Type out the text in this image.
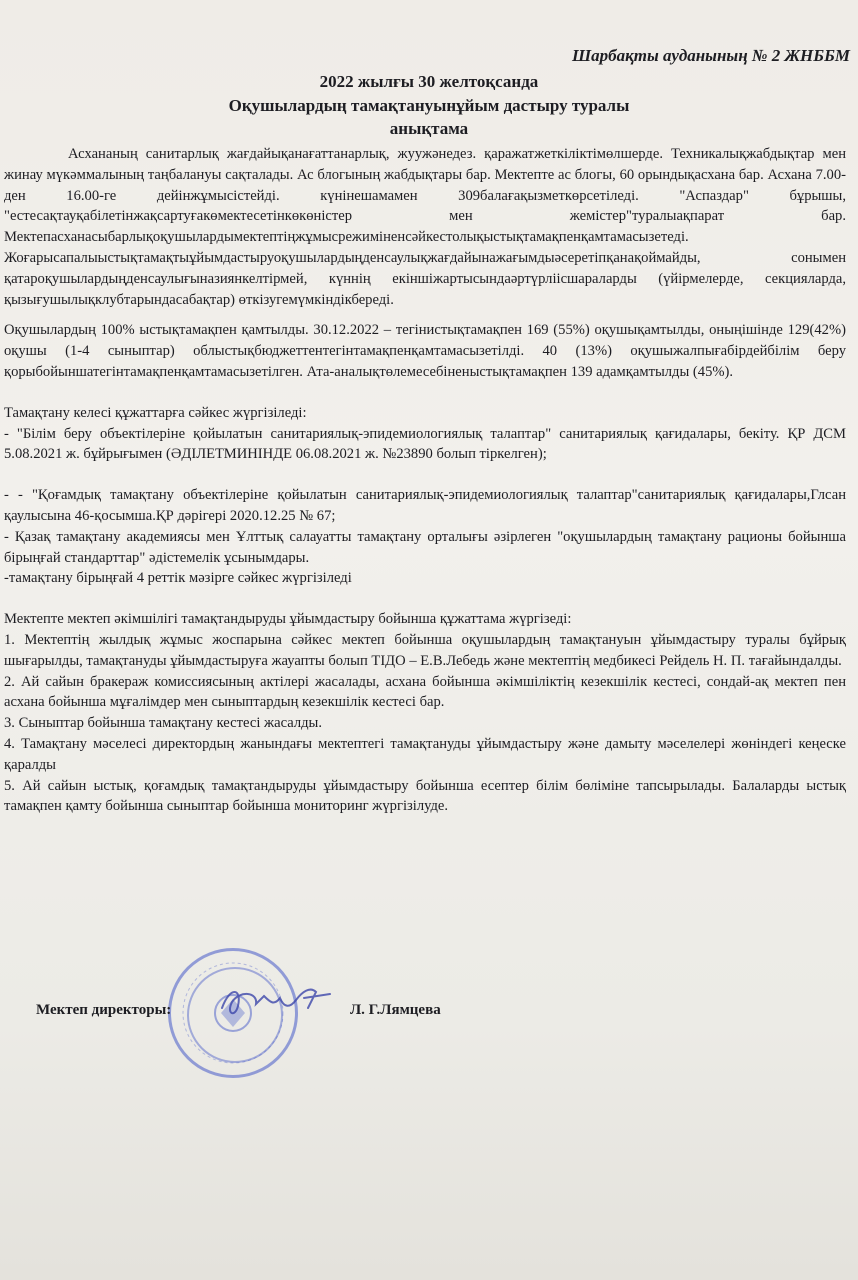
Шарбақты ауданының № 2 ЖНББМ
2022 жылғы 30 желтоқсанда
Оқушылардың тамақтануынұйым дастыру туралы
анықтама

Асхананың санитарлық жағдайықанағаттанарлық, жуужәнедез. қаражатжеткіліктімөлшерде. Техникалықжабдықтар мен жинау мүкәммалының таңбалануы сақталады. Ас блогының жабдықтары бар. Мектепте ас блогы, 60 орындықасхана бар. Асхана 7.00-ден 16.00-ге дейінжұмысістейді. күнінешамамен 309балағақызметкөрсетіледі. "Аспаздар" бұрышы, "естесақтауқабілетінжақсартуғакөмектесетінкөкөністер мен жемістер"туралыақпарат бар. Мектепасханасыбарлықоқушылардымектептіңжұмысрежиміненсәйкестолықыстықтамақпенқамтамасызетеді.

Жоғарысапалыыстықтамақтыұйымдастыруоқушылардыңденсаулықжағдайынажағымдыәсеретіпқанақоймайды, сонымен қатароқушылардыңденсаулығыназиянкелтірмей, күннің екіншіжартысындаәртүрліісшараларды (үйірмелерде, секцияларда, қызығушылықклубтарындасабақтар) өткізугемүмкіндікбереді.

Оқушылардың 100% ыстықтамақпен қамтылды. 30.12.2022 – тегінистықтамақпен 169 (55%) оқушықамтылды, оныңішінде 129(42%) оқушы (1-4 сыныптар) облыстықбюджеттентегінтамақпенқамтамасызетілді. 40 (13%) оқушыжалпығабірдейбілім беру қорыбойыншатегінтамақпенқамтамасызетілген. Ата-аналықтөлемесебіненыстықтамақпен 139 адамқамтылды (45%).

Тамақтану келесі құжаттарға сәйкес жүргізіледі:

- "Білім беру объектілеріне қойылатын санитариялық-эпидемиологиялық талаптар" санитариялық қағидалары, бекіту. ҚР ДСМ 5.08.2021 ж. бұйрығымен (ӘДІЛЕТМИНІНДЕ 06.08.2021 ж. №23890 болып тіркелген);

- - "Қоғамдық тамақтану объектілеріне қойылатын санитариялық-эпидемиологиялық талаптар"санитариялық қағидалары,Глсан қаулысына 46-қосымша.ҚР дәрігері 2020.12.25 № 67;

- Қазақ тамақтану академиясы мен Ұлттық салауатты тамақтану орталығы әзірлеген "оқушылардың тамақтану рационы бойынша бірыңғай стандарттар" әдістемелік ұсынымдары.

-тамақтану бірыңғай 4 реттік мәзірге сәйкес жүргізіледі

Мектепте мектеп әкімшілігі тамақтандыруды ұйымдастыру бойынша құжаттама жүргізеді:

1. Мектептің жылдық жұмыс жоспарына сәйкес мектеп бойынша оқушылардың тамақтануын ұйымдастыру туралы бұйрық шығарылды, тамақтануды ұйымдастыруға жауапты болып ТІДО – Е.В.Лебедь және мектептің медбикесі Рейдель Н. П. тағайындалды.

2. Ай сайын бракераж комиссиясының актілері жасалады, асхана бойынша әкімшіліктің кезекшілік кестесі, сондай-ақ мектеп пен асхана бойынша мұғалімдер мен сыныптардың кезекшілік кестесі бар.

3. Сыныптар бойынша тамақтану кестесі жасалды.

4. Тамақтану мәселесі директордың жанындағы мектептегі тамақтануды ұйымдастыру және дамыту мәселелері жөніндегі кеңеске қаралды

5. Ай сайын ыстық, қоғамдық тамақтандыруды ұйымдастыру бойынша есептер білім бөліміне тапсырылады. Балаларды ыстық тамақпен қамту бойынша сыныптар бойынша мониторинг жүргізілуде.

Мектеп директоры:	Л. Г.Лямцева
